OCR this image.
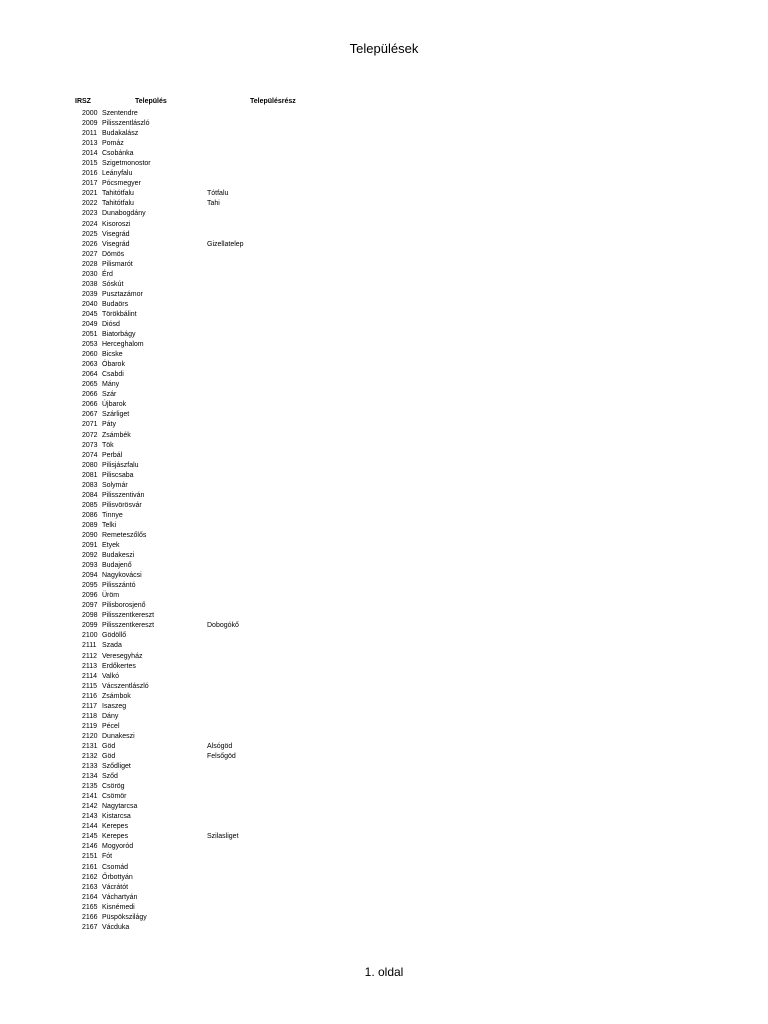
Települések
IRSZ	Település	Településrész
2000 Szentendre
2009 Pilisszentlászló
2011 Budakalász
2013 Pomáz
2014 Csobánka
2015 Szigetmonostor
2016 Leányfalu
2017 Pócsmegyer
2021 Tahitótfalu	Tótfalu
2022 Tahitótfalu	Tahi
2023 Dunabogdány
2024 Kisoroszi
2025 Visegrád
2026 Visegrád	Gizellatelep
2027 Dömös
2028 Pilismarót
2030 Érd
2038 Sóskút
2039 Pusztazámor
2040 Budaörs
2045 Törökbálint
2049 Diósd
2051 Biatorbágy
2053 Herceghalom
2060 Bicske
2063 Óbarok
2064 Csabdi
2065 Mány
2066 Szár
2066 Újbarok
2067 Szárliget
2071 Páty
2072 Zsámbék
2073 Tök
2074 Perbál
2080 Pilisjászfalu
2081 Piliscsaba
2083 Solymár
2084 Pilisszentiván
2085 Pilisvörösvár
2086 Tinnye
2089 Telki
2090 Remeteszőlős
2091 Etyek
2092 Budakeszi
2093 Budajenő
2094 Nagykovácsi
2095 Pilisszántó
2096 Üröm
2097 Pilisborosjenő
2098 Pilisszentkereszt
2099 Pilisszentkereszt	Dobogókő
2100 Gödöllő
2111 Szada
2112 Veresegyház
2113 Erdőkertes
2114 Valkó
2115 Vácszentlászló
2116 Zsámbok
2117 Isaszeg
2118 Dány
2119 Pécel
2120 Dunakeszi
2131 Göd	Alsógöd
2132 Göd	Felsőgöd
2133 Sződliget
2134 Sződ
2135 Csörög
2141 Csömör
2142 Nagytarcsa
2143 Kistarcsa
2144 Kerepes
2145 Kerepes	Szilasliget
2146 Mogyoród
2151 Fót
2161 Csomád
2162 Őrbottyán
2163 Vácrátót
2164 Váchartyán
2165 Kisnémedi
2166 Püspökszilágy
2167 Vácduka
1. oldal
